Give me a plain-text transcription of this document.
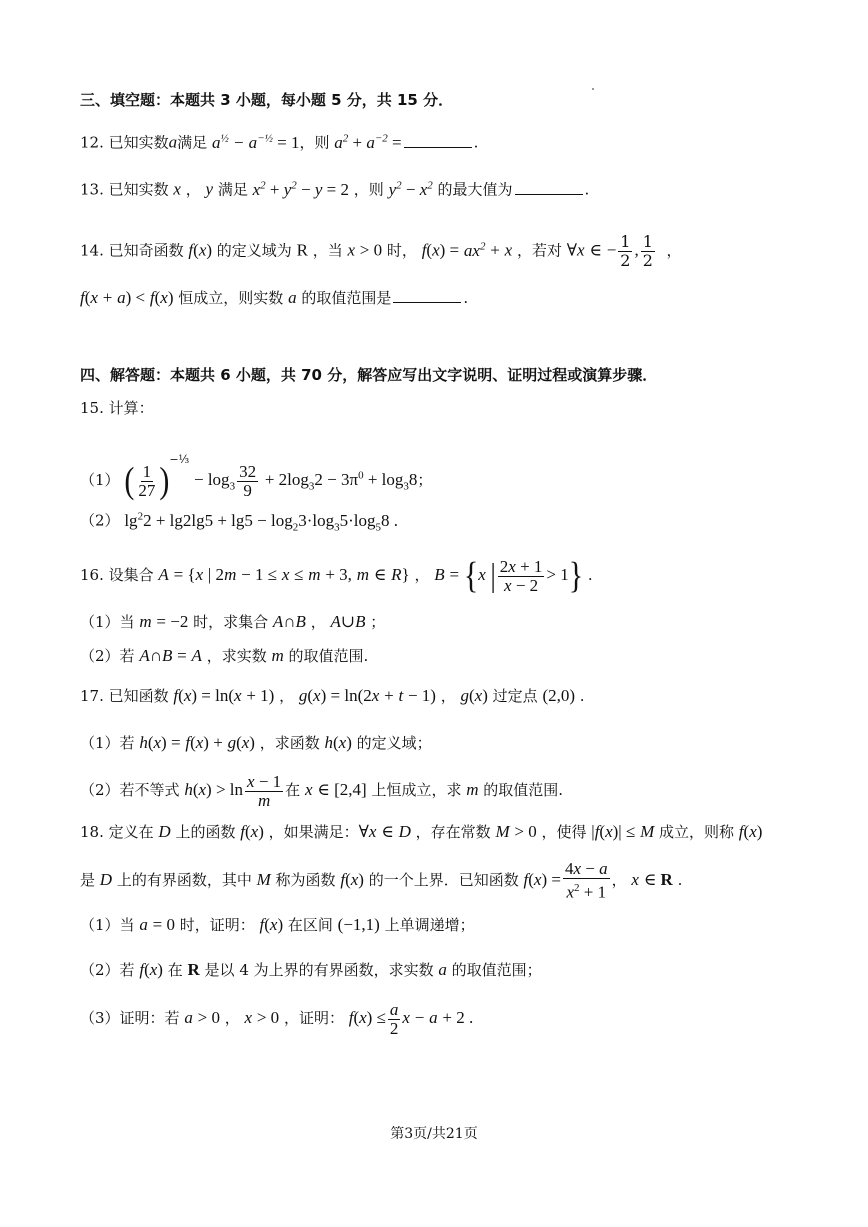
三、填空题：本题共 3 小题，每小题 5 分，共 15 分．
12. 已知实数a满足 $a^{\frac{1}{2}} - a^{-\frac{1}{2}} = 1$，则 $a^2 + a^{-2}$ =	.
13. 已知实数 x ， y 满足 $x^2 + y^2 - y = 2$ ，则 $y^2 - x^2$ 的最大值为	.
14. 已知奇函数 f(x) 的定义域为 R ，当 x > 0 时， $f(x) = ax^2 + x$ ，若对 ∀x ∈ − $\frac{1}{2}$ , $\frac{1}{2}$ ，
f(x + a) < f(x) 恒成立，则实数 a 的取值范围是	.
四、解答题：本题共 6 小题，共 70 分，解答应写出文字说明、证明过程或演算步骤．
15. 计算：
（1） ( $\frac{1}{27} )^{-\frac{1}{3}} - \log_3 \frac{32}{9} + 2\log_32 - 3\pi^0 + \log_38$；
（2） $\lg^22 + \lg 2\lg 5 + \lg 5 - \log_23\cdot\log_35\cdot\log_58$ .
16. 设集合 A = {x | 2m − 1 ≤ x ≤ m + 3, m ∈ R} ， B = {x | $\frac{2x + 1}{x - 2} > 1$} .
（1）当 m = −2 时，求集合 A∩B ， A∪B ；
（2）若 A∩B = A ，求实数 m 的取值范围.
17. 已知函数 f(x) = ln(x + 1) ， g(x) = ln(2x + t − 1) ， g(x) 过定点 (2,0) .
（1）若 h(x) = f(x) + g(x) ，求函数 h(x) 的定义域；
（2）若不等式 $h(x) > \ln \frac{x - 1}{m}$ 在 x ∈ [2,4] 上恒成立，求 m 的取值范围.
18. 定义在 D 上的函数 f(x) ，如果满足：∀x ∈ D ，存在常数 M > 0 ，使得 |f(x)| ≤ M 成立，则称 f(x)
是 D 上的有界函数，其中 M 称为函数 f(x) 的一个上界．已知函数 $f(x) = \frac{4x - a}{x^2 + 1}$ ， x ∈ R .
（1）当 a = 0 时，证明： f(x) 在区间 (−1,1) 上单调递增；
（2）若 f(x) 在 R 是以 4 为上界的有界函数，求实数 a 的取值范围；
（3）证明：若 a > 0 ， x > 0 ，证明： $f(x) \le \frac{a}{2}$ x − a + 2 .
第3页/共21页
